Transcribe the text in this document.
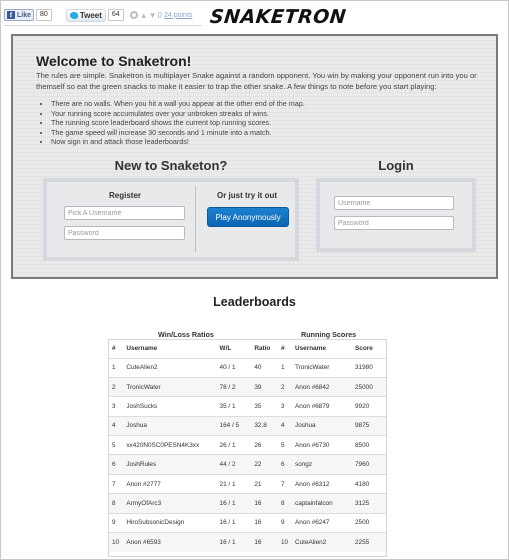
f Like	80	Tweet	64	▲ ▼ 0 24 points SNAKETRON
Welcome to Snaketron!

The rules are simple. Snaketron is multiplayer Snake against a random opponent. You win by making your opponent run into you or themself so eat the green snacks to make it easier to trap the other snake. A few things to note before you start playing:

• There are no walls. When you hit a wall you appear at the other end of the map.
• Your running score accumulates over your unbroken streaks of wins.
• The running score leaderboard shows the current top running scores.
• The game speed will increase 30 seconds and 1 minute into a match.
• Now sign in and attack those leaderboards!
New to Snaketon?	Login
Register	Or just try it out
Pick A Username
Play Anonymously
Username
Leaderboards
Win/Loss Ratios	Running Scores
#	Username	W/L	Ratio
1	CuteAlien2	40 / 1	40
2	TronicWater	78 / 2	39
3	JoshSucks	35 / 1	35
4	Joshua	164 / 5	32.8
5	xx420N0SC0PESN4K3xx	26 / 1	26
6	JoshRules	44 / 2	22
7	Anon #2777	21 / 1	21
8	ArmyOfArc3	16 / 1	16
9	HiroSubsonicDesign	16 / 1	16
10	Anon #6593	16 / 1	16
#	Username	Score
1	TronicWater	31980
2	Anon #6842	25000
3	Anon #6879	9920
4	Joshua	9875
5	Anon #6730	8500
6	songz	7960
7	Anon #6312	4180
8	captainfalcon	3125
9	Anon #6247	2500
10	CuteAlien2	2255
